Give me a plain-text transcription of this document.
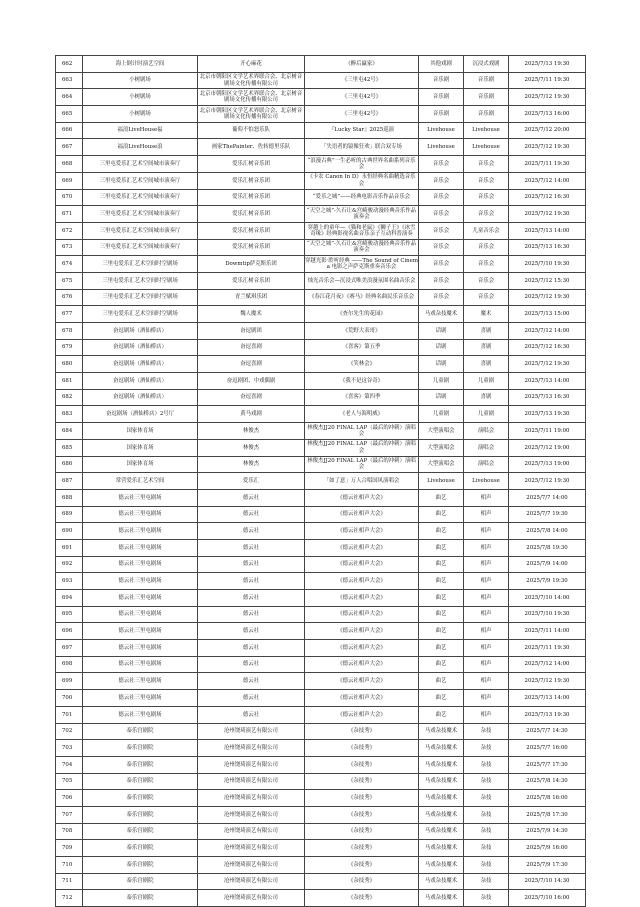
662	海上倒计时演艺空间	开心麻花	《醉后赢家》	其他戏剧	沉浸式戏剧	2025/7/13 19:30
663	小树剧场	北京市朝阳区文学艺术界联合会、北京树音剧场文化传播有限公司	《三里屯42号》	音乐剧	音乐剧	2025/7/11 19:30
664	小树剧场	北京市朝阳区文学艺术界联合会、北京树音剧场文化传播有限公司	《三里屯42号》	音乐剧	音乐剧	2025/7/12 19:30
665	小树剧场	北京市朝阳区文学艺术界联合会、北京树音剧场文化传播有限公司	《三里屯42号》	音乐剧	音乐剧	2025/7/13 16:00
666	福浪LiveHouse福	葡萄不怕怒乐队	『Lucky Star』2025巡演	Livehouse	Livehouse	2025/7/12 20:00
667	福浪LiveHouse浪	画家ThePainter、佐转德里乐队	「失语者的镜像狂欢」联合双专场	Livehouse	Livehouse	2025/7/12 19:30
668	三里屯爱乐汇艺术空间城市演奏厅	爱乐汇树音乐团	“浪漫古典”一生必听的古典世界名曲系列音乐会	音乐会	音乐会	2025/7/11 19:30
669	三里屯爱乐汇艺术空间城市演奏厅	爱乐汇树音乐团	《卡农 Canon In D》永恒经典名曲精选音乐会	音乐会	音乐会	2025/7/12 14:00
670	三里屯爱乐汇艺术空间城市演奏厅	爱乐汇树音乐团	“爱乐之城”——经典电影音乐作品音乐会	音乐会	音乐会	2025/7/12 16:30
671	三里屯爱乐汇艺术空间城市演奏厅	爱乐汇树音乐团	“天空之城”-久石让&宫崎骏动漫经典音乐作品演奏会	音乐会	音乐会	2025/7/12 19:30
672	三里屯爱乐汇艺术空间城市演奏厅	爱乐汇树音乐团	穿越上的童年—《猫和老鼠》《狮子王》《冰雪奇缘》经典影视名曲音乐亲子互动科普演奏	音乐会	儿童音乐会	2025/7/13 14:00
673	三里屯爱乐汇艺术空间城市演奏厅	爱乐汇树音乐团	“天空之城”-久石让&宫崎骏动漫经典音乐作品演奏会	音乐会	音乐会	2025/7/13 16:30
674	三里屯爱乐汇艺术空间时空剧场	Dowmtip萨克斯乐团	穿越光影·聆听经典 ——The Sound of Cinema 电影之声萨克斯重奏音乐会	音乐会	音乐会	2025/7/10 19:30
675	三里屯爱乐汇艺术空间时空剧场	爱乐汇树音乐团	烛光音乐会—沉浸式唯美浪漫氛围名曲音乐会	音乐会	音乐会	2025/7/12 15:30
676	三里屯爱乐汇艺术空间时空剧场	青兰赋琪乐团	《春江花月夜》《赛马》经典名曲民乐音乐会	音乐会	音乐会	2025/7/12 19:30
677	三里屯爱乐汇艺术空间时空剧场	魏人魔术	《查尔先生的花园》	马戏杂技魔术	魔术	2025/7/13 15:00
678	奋逗剧场（酒仙桥店）	奋逗剧团	《荒野大表哥》	话剧	喜剧	2025/7/12 14:00
679	奋逗剧场（酒仙桥店）	奋逗喜剧	《喜客》第五季	话剧	喜剧	2025/7/12 16:30
680	奋逗剧场（酒仙桥店）	奋逗喜剧	《笑林会》	话剧	喜剧	2025/7/12 19:30
681	奋逗剧场（酒仙桥店）	奋逗剧团、中戏偶剧	《我不是这谷奇》	儿童剧	儿童剧	2025/7/13 14:00
682	奋逗剧场（酒仙桥店）	奋逗喜剧	《喜客》第四季	话剧	喜剧	2025/7/13 16:30
683	奋逗剧场（酒仙桥店）2号厅	黄马戏剧	《老人与海明威》	儿童剧	儿童剧	2025/7/13 19:30
684	国家体育场	林俊杰	林俊杰JJ20 FINAL LAP（最后的冲刺）演唱会	大型演唱会	演唱会	2025/7/11 19:00
685	国家体育场	林俊杰	林俊杰JJ20 FINAL LAP（最后的冲刺）演唱会	大型演唱会	演唱会	2025/7/12 19:00
686	国家体育场	林俊杰	林俊杰JJ20 FINAL LAP（最后的冲刺）演唱会	大型演唱会	演唱会	2025/7/13 19:00
687	常营爱乐汇艺术空间	爱乐汇	「如了意」万人合唱国风演唱会	Livehouse	Livehouse	2025/7/12 19:30
688	德云社三里屯剧场	德云社	《德云社相声大会》	曲艺	相声	2025/7/7 14:00
689	德云社三里屯剧场	德云社	《德云社相声大会》	曲艺	相声	2025/7/7 19:30
690	德云社三里屯剧场	德云社	《德云社相声大会》	曲艺	相声	2025/7/8 14:00
691	德云社三里屯剧场	德云社	《德云社相声大会》	曲艺	相声	2025/7/8 19:30
692	德云社三里屯剧场	德云社	《德云社相声大会》	曲艺	相声	2025/7/9 14:00
693	德云社三里屯剧场	德云社	《德云社相声大会》	曲艺	相声	2025/7/9 19:30
694	德云社三里屯剧场	德云社	《德云社相声大会》	曲艺	相声	2025/7/10 14:00
695	德云社三里屯剧场	德云社	《德云社相声大会》	曲艺	相声	2025/7/10 19:30
696	德云社三里屯剧场	德云社	《德云社相声大会》	曲艺	相声	2025/7/11 14:00
697	德云社三里屯剧场	德云社	《德云社相声大会》	曲艺	相声	2025/7/11 19:30
698	德云社三里屯剧场	德云社	《德云社相声大会》	曲艺	相声	2025/7/12 14:00
699	德云社三里屯剧场	德云社	《德云社相声大会》	曲艺	相声	2025/7/12 19:30
700	德云社三里屯剧场	德云社	《德云社相声大会》	曲艺	相声	2025/7/13 14:00
701	德云社三里屯剧场	德云社	《德云社相声大会》	曲艺	相声	2025/7/13 19:30
702	泰乐宫剧院	沧州饶琦演艺有限公司	《杂技秀》	马戏杂技魔术	杂技	2025/7/7 14:30
703	泰乐宫剧院	沧州饶琦演艺有限公司	《杂技秀》	马戏杂技魔术	杂技	2025/7/7 16:00
704	泰乐宫剧院	沧州饶琦演艺有限公司	《杂技秀》	马戏杂技魔术	杂技	2025/7/7 17:30
705	泰乐宫剧院	沧州饶琦演艺有限公司	《杂技秀》	马戏杂技魔术	杂技	2025/7/8 14:30
706	泰乐宫剧院	沧州饶琦演艺有限公司	《杂技秀》	马戏杂技魔术	杂技	2025/7/8 16:00
707	泰乐宫剧院	沧州饶琦演艺有限公司	《杂技秀》	马戏杂技魔术	杂技	2025/7/8 17:30
708	泰乐宫剧院	沧州饶琦演艺有限公司	《杂技秀》	马戏杂技魔术	杂技	2025/7/9 14:30
709	泰乐宫剧院	沧州饶琦演艺有限公司	《杂技秀》	马戏杂技魔术	杂技	2025/7/9 16:00
710	泰乐宫剧院	沧州饶琦演艺有限公司	《杂技秀》	马戏杂技魔术	杂技	2025/7/9 17:30
711	泰乐宫剧院	沧州饶琦演艺有限公司	《杂技秀》	马戏杂技魔术	杂技	2025/7/10 14:30
712	泰乐宫剧院	沧州饶琦演艺有限公司	《杂技秀》	马戏杂技魔术	杂技	2025/7/10 16:00
